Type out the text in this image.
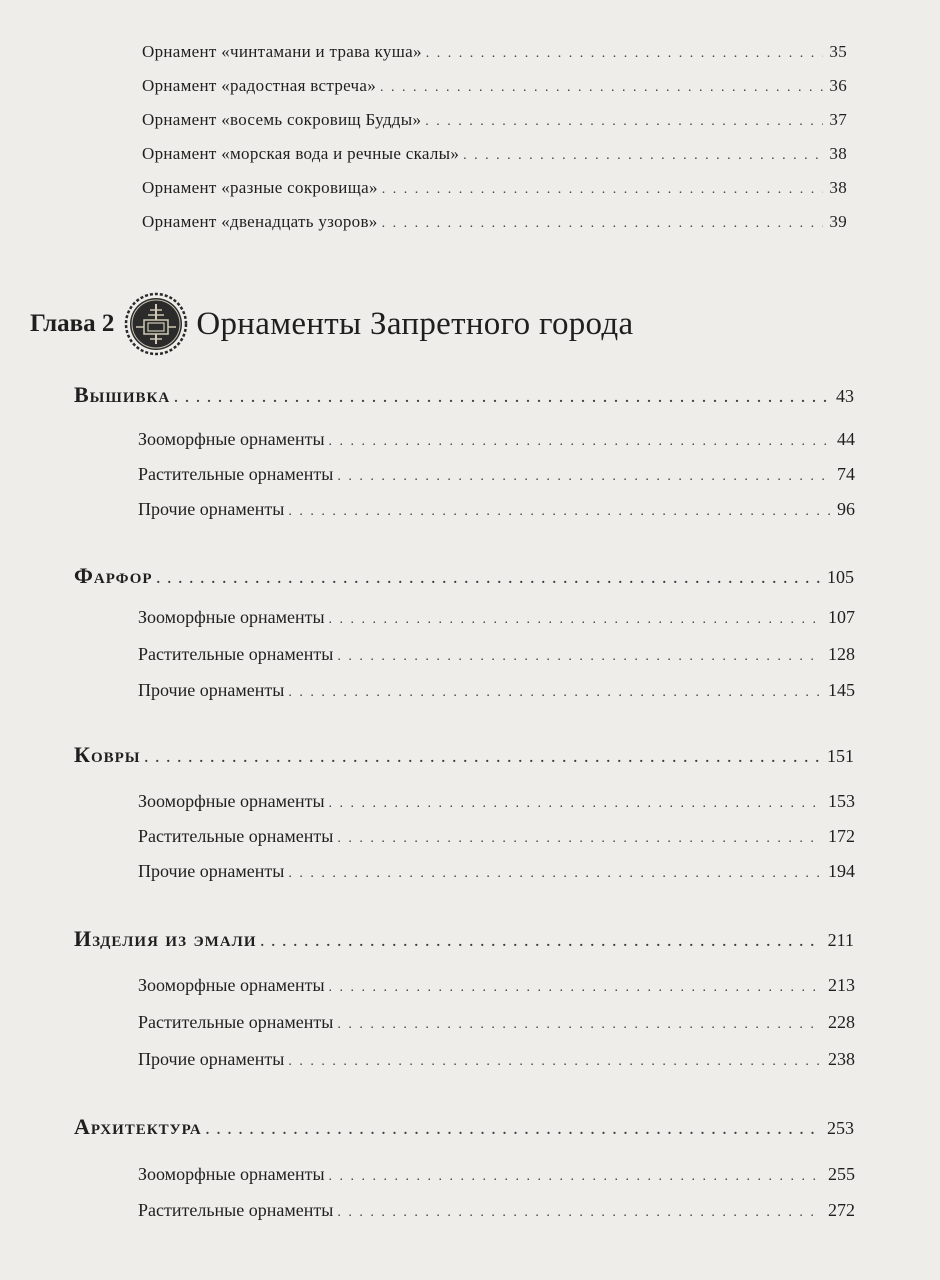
Орнамент «чинтамани и трава куша» . . .	35
Орнамент «радостная встреча» . . .	36
Орнамент «восемь сокровищ Будды» . . .	37
Орнамент «морская вода и речные скалы» . . .	38
Орнамент «разные сокровища» . . .	38
Орнамент «двенадцать узоров» . . .	39
Глава 2 Орнаменты Запретного города
Вышивка . . .	43
Зооморфные орнаменты . . .	44
Растительные орнаменты . . .	74
Прочие орнаменты . . .	96
Фарфор . . .	105
Зооморфные орнаменты . . .	107
Растительные орнаменты . . .	128
Прочие орнаменты . . .	145
Ковры . . .	151
Зооморфные орнаменты . . .	153
Растительные орнаменты . . .	172
Прочие орнаменты . . .	194
Изделия из эмали . . .	211
Зооморфные орнаменты . . .	213
Растительные орнаменты . . .	228
Прочие орнаменты . . .	238
Архитектура . . .	253
Зооморфные орнаменты . . .	255
Растительные орнаменты . . .	272
